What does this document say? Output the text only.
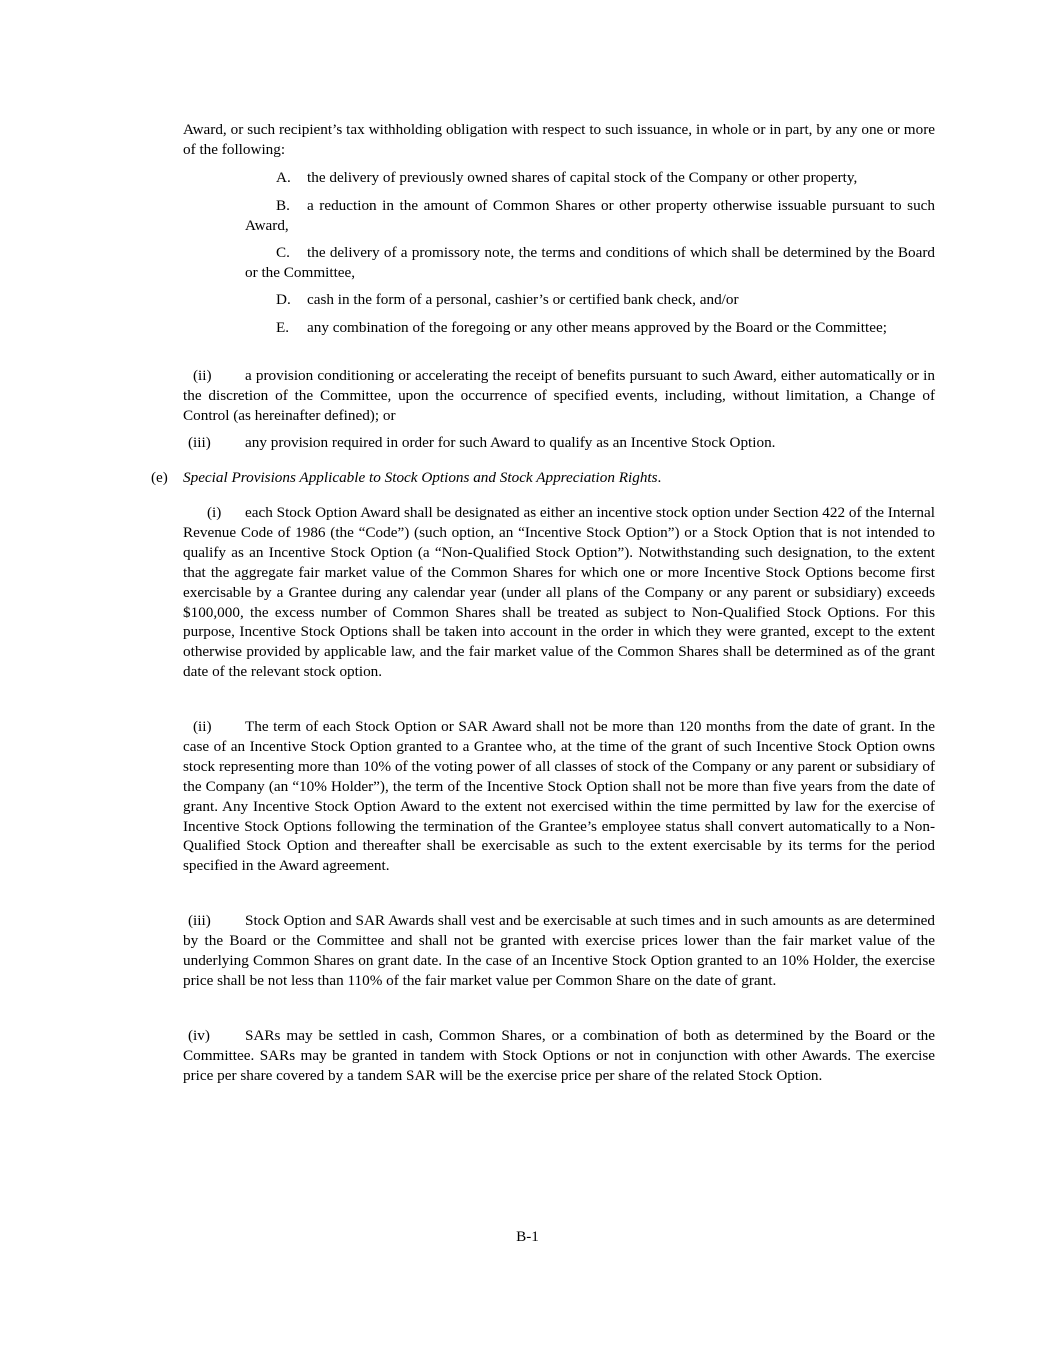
Award, or such recipient’s tax withholding obligation with respect to such issuance, in whole or in part, by any one or more of the following:

A. the delivery of previously owned shares of capital stock of the Company or other property,

B. a reduction in the amount of Common Shares or other property otherwise issuable pursuant to such Award,

C. the delivery of a promissory note, the terms and conditions of which shall be determined by the Board or the Committee,

D. cash in the form of a personal, cashier’s or certified bank check, and/or

E. any combination of the foregoing or any other means approved by the Board or the Committee;

(ii) a provision conditioning or accelerating the receipt of benefits pursuant to such Award, either automatically or in the discretion of the Committee, upon the occurrence of specified events, including, without limitation, a Change of Control (as hereinafter defined); or

(iii) any provision required in order for such Award to qualify as an Incentive Stock Option.

(e) Special Provisions Applicable to Stock Options and Stock Appreciation Rights.

(i) each Stock Option Award shall be designated as either an incentive stock option under Section 422 of the Internal Revenue Code of 1986 (the “Code”) (such option, an “Incentive Stock Option”) or a Stock Option that is not intended to qualify as an Incentive Stock Option (a “Non-Qualified Stock Option”). Notwithstanding such designation, to the extent that the aggregate fair market value of the Common Shares for which one or more Incentive Stock Options become first exercisable by a Grantee during any calendar year (under all plans of the Company or any parent or subsidiary) exceeds $100,000, the excess number of Common Shares shall be treated as subject to Non-Qualified Stock Options. For this purpose, Incentive Stock Options shall be taken into account in the order in which they were granted, except to the extent otherwise provided by applicable law, and the fair market value of the Common Shares shall be determined as of the grant date of the relevant stock option.

(ii) The term of each Stock Option or SAR Award shall not be more than 120 months from the date of grant. In the case of an Incentive Stock Option granted to a Grantee who, at the time of the grant of such Incentive Stock Option owns stock representing more than 10% of the voting power of all classes of stock of the Company or any parent or subsidiary of the Company (an “10% Holder”), the term of the Incentive Stock Option shall not be more than five years from the date of grant. Any Incentive Stock Option Award to the extent not exercised within the time permitted by law for the exercise of Incentive Stock Options following the termination of the Grantee’s employee status shall convert automatically to a Non-Qualified Stock Option and thereafter shall be exercisable as such to the extent exercisable by its terms for the period specified in the Award agreement.

(iii) Stock Option and SAR Awards shall vest and be exercisable at such times and in such amounts as are determined by the Board or the Committee and shall not be granted with exercise prices lower than the fair market value of the underlying Common Shares on grant date. In the case of an Incentive Stock Option granted to an 10% Holder, the exercise price shall be not less than 110% of the fair market value per Common Share on the date of grant.

(iv) SARs may be settled in cash, Common Shares, or a combination of both as determined by the Board or the Committee. SARs may be granted in tandem with Stock Options or not in conjunction with other Awards. The exercise price per share covered by a tandem SAR will be the exercise price per share of the related Stock Option.

B-1
